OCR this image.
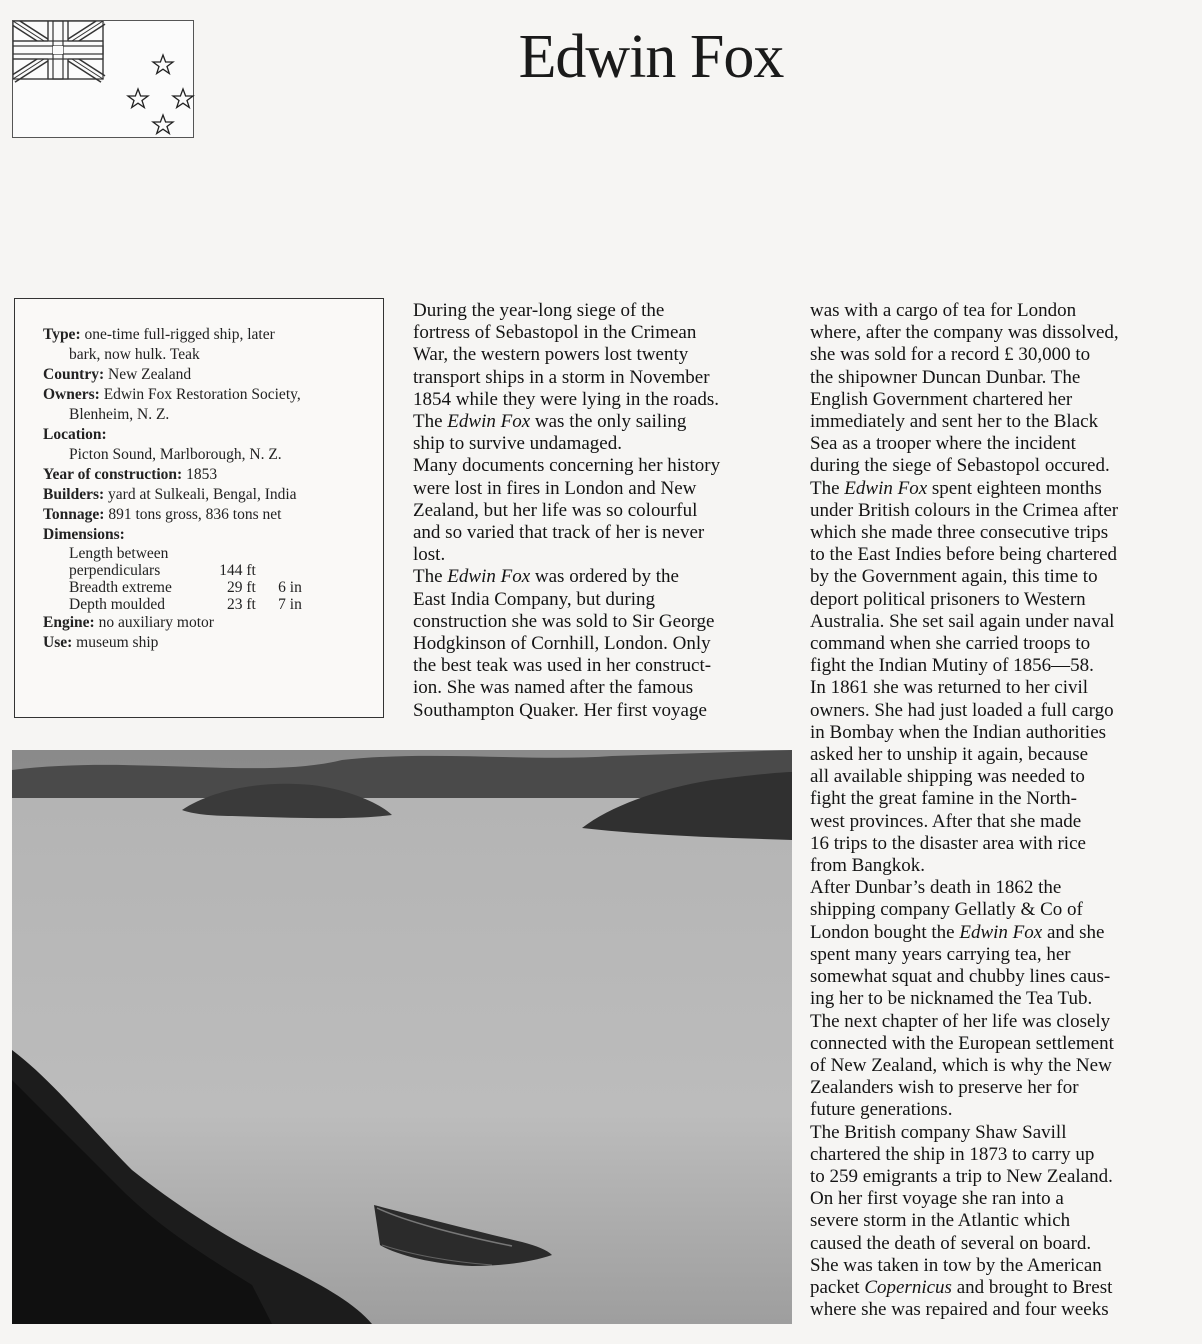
Edwin Fox

Type: one-time full-rigged ship, later

bark, now hulk. Teak

Country: New Zealand

Owners: Edwin Fox Restoration Society,

Blenheim, N. Z.

Location:

Picton Sound, Marlborough, N. Z.

Year of construction: 1853

Builders: yard at Sulkeali, Bengal, India

Tonnage: 891 tons gross, 836 tons net

Dimensions:

Length between		
perpendiculars	144 ft	
Breadth extreme	29 ft	6 in
Depth moulded	23 ft	7 in

Engine: no auxiliary motor

Use: museum ship

During the year-long siege of the

fortress of Sebastopol in the Crimean

War, the western powers lost twenty

transport ships in a storm in November

1854 while they were lying in the roads.

The Edwin Fox was the only sailing

ship to survive undamaged.

Many documents concerning her history

were lost in fires in London and New

Zealand, but her life was so colourful

and so varied that track of her is never

lost.

The Edwin Fox was ordered by the

East India Company, but during

construction she was sold to Sir George

Hodgkinson of Cornhill, London. Only

the best teak was used in her construct-

ion. She was named after the famous

Southampton Quaker. Her first voyage

was with a cargo of tea for London

where, after the company was dissolved,

she was sold for a record £ 30,000 to

the shipowner Duncan Dunbar. The

English Government chartered her

immediately and sent her to the Black

Sea as a trooper where the incident

during the siege of Sebastopol occured.

The Edwin Fox spent eighteen months

under British colours in the Crimea after

which she made three consecutive trips

to the East Indies before being chartered

by the Government again, this time to

deport political prisoners to Western

Australia. She set sail again under naval

command when she carried troops to

fight the Indian Mutiny of 1856—58.

In 1861 she was returned to her civil

owners. She had just loaded a full cargo

in Bombay when the Indian authorities

asked her to unship it again, because

all available shipping was needed to

fight the great famine in the North-

west provinces. After that she made

16 trips to the disaster area with rice

from Bangkok.

After Dunbar’s death in 1862 the

shipping company Gellatly & Co of

London bought the Edwin Fox and she

spent many years carrying tea, her

somewhat squat and chubby lines caus-

ing her to be nicknamed the Tea Tub.

The next chapter of her life was closely

connected with the European settlement

of New Zealand, which is why the New

Zealanders wish to preserve her for

future generations.

The British company Shaw Savill

chartered the ship in 1873 to carry up

to 259 emigrants a trip to New Zealand.

On her first voyage she ran into a

severe storm in the Atlantic which

caused the death of several on board.

She was taken in tow by the American

packet Copernicus and brought to Brest

where she was repaired and four weeks
